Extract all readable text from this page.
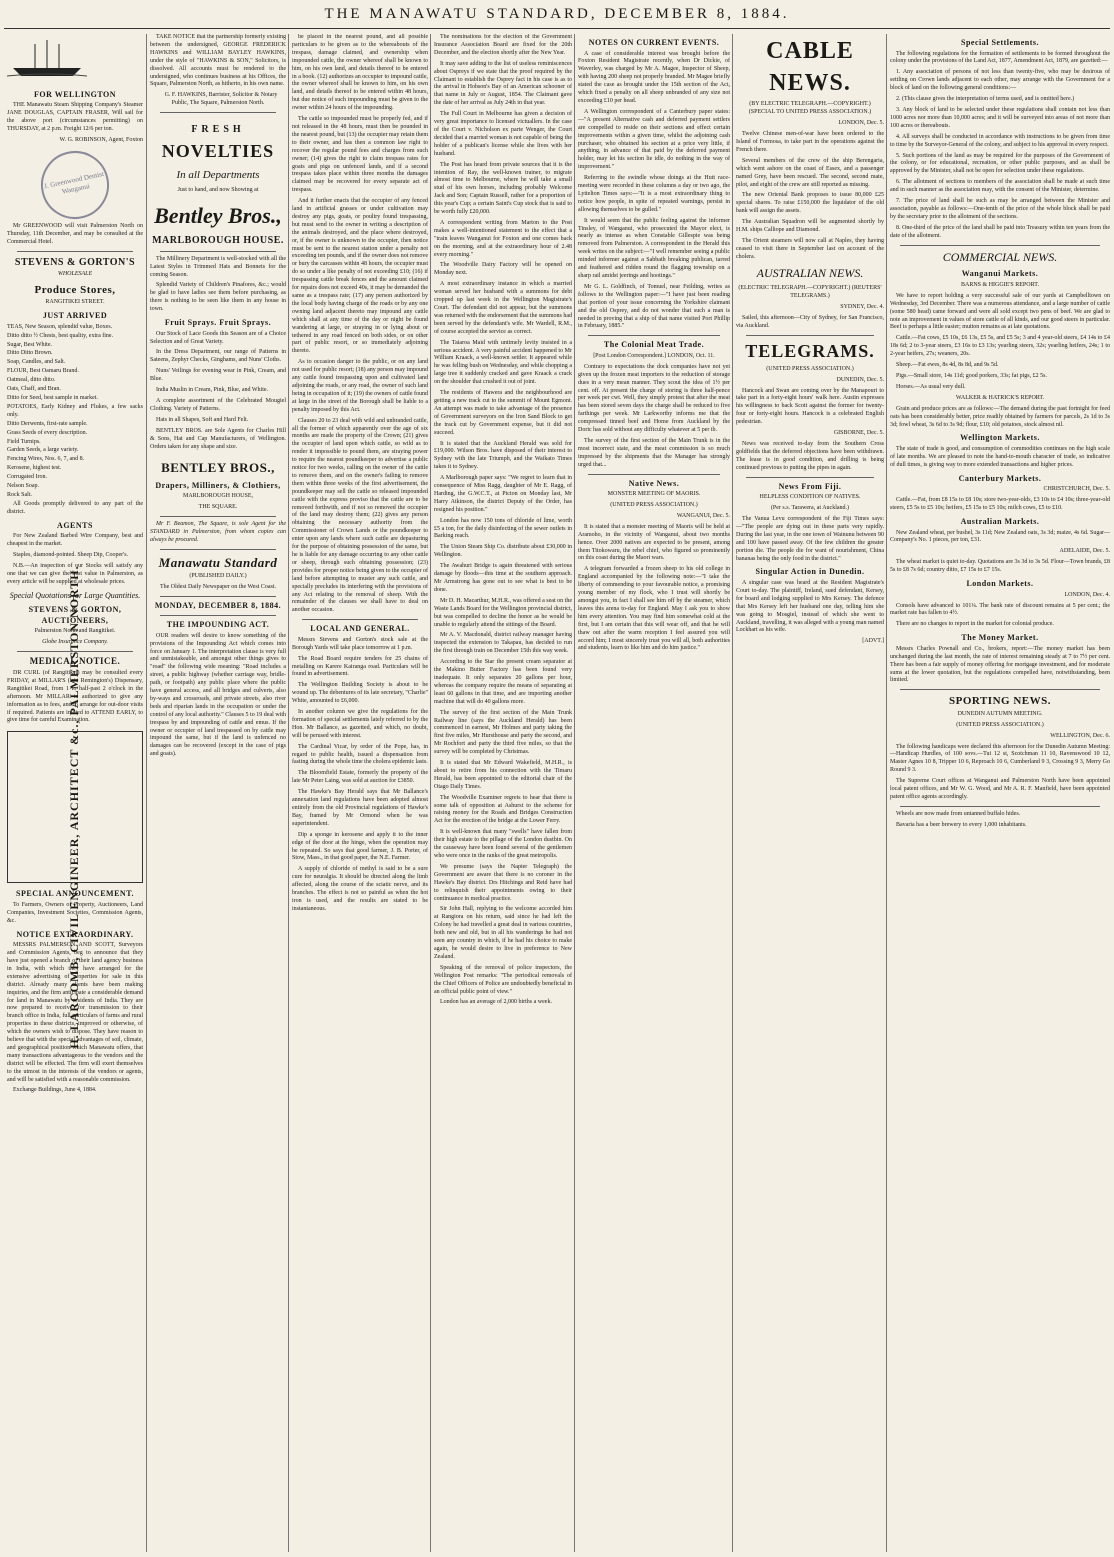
THE MANAWATU STANDARD, DECEMBER 8, 1884.
FOR WELLINGTON

THE Manawatu Steam Shipping Company's Steamer JANE DOUGLAS, CAPTAIN FRASER, Will sail for the above port (circumstances permitting) on THURSDAY, at 2 p.m. Freight 12/6 per ton.

W. G. ROBINSON, Agent, Foxton

J. Greenwood Dentist Wanganui

Mr GREENWOOD will visit Palmerston North on Thursday, 11th December, and may be consulted at the Commercial Hotel.

STEVENS & GORTON'S
WHOLESALE
Produce Stores,
RANGITIKEI STREET.
JUST ARRIVED
TEAS, New Season, splendid value, Boxes.
Ditto ditto ½ Chests, best quality, extra fine.
Sugar, Best White.
Ditto Ditto Brown.
Soap, Candles, and Salt.
FLOUR, Best Oamaru Brand.
Oatmeal, ditto ditto.
Oats, Chaff, and Bran.
Ditto for Seed, best sample in market.
POTATOES, Early Kidney and Flukes, a few sacks only.
Ditto Derwents, first-rate sample.
Grass Seeds of every description.
Field Turnips.
Garden Seeds, a large variety.
Fencing Wires, Nos. 6, 7, and 8.
Kerosene, highest test.
Corrugated Iron.
Nelson Soap.
Rock Salt.

All Goods promptly delivered to any part of the district.

AGENTS

For New Zealand Barbed Wire Company, best and cheapest in the market.

Staples, diamond-pointed. Sheep Dip, Cooper's.

N.B.—An inspection of our Stocks will satisfy any one that we can give the best value in Palmerston, as every article will be supplied at wholesale prices.

Special Quotations for Large Quantities.
STEVENS & GORTON, AUCTIONEERS,
Palmerston North and Rangitikei.
Globe Insurance Company.
MEDICAL NOTICE.

DR CURL (of Rangitikei) may be consulted every FRIDAY, at MILLAR'S (late Remington's) Dispensary, Rangitikei Road, from 1 to half-past 2 o'clock in the afternoon. Mr MILLAR is authorized to give any information as to fees, and to arrange for out-door visits if required. Patients are invited to ATTEND EARLY, to give time for careful Examination.

H. LARCOMB, CIVIL ENGINEER, ARCHITECT &c., PALMERSTON NORTH.
SPECIAL ANNOUNCEMENT.

To Farmers, Owners of Property, Auctioneers, Land Companies, Investment Societies, Commission Agents, &c.

NOTICE EXTRAORDINARY.

MESSRS PALMERSON AND SCOTT, Surveyors and Commission Agents, beg to announce that they have just opened a branch of their land agency business in India, with which they have arranged for the extensive advertising of properties for sale in this district. Already many clients have been making inquiries, and the firm anticipate a considerable demand for land in Manawatu by residents of India. They are now prepared to receive, for transmission to their branch office in India, full particulars of farms and rural properties in these districts, improved or otherwise, of which the owners wish to dispose. They have reason to believe that with the special advantages of soil, climate, and geographical position which Manawatu offers, that many transactions advantageous to the vendors and the district will be effected. The firm will exert themselves to the utmost in the interests of the vendors or agents, and will be satisfied with a reasonable commission.

Exchange Buildings, June 4, 1884.

TAKE NOTICE that the partnership formerly existing between the undersigned, GEORGE FREDERICK HAWKINS and WILLIAM BAYLEY HAWKINS, under the style of "HAWKINS & SON," Solicitors, is dissolved. All accounts must be rendered to the undersigned, who continues business at his Offices, the Square, Palmerston North, as hitherto, in his own name.

G. F. HAWKINS, Barrister, Solicitor & Notary Public, The Square, Palmerston North.

FRESH
NOVELTIES
In all Departments
Just to hand, and now Showing at
Bentley Bros.,
MARLBOROUGH HOUSE.

The Millinery Department is well-stocked with all the Latest Styles in Trimmed Hats and Bonnets for the coming Season.

Splendid Variety of Children's Pinafores, &c.; would be glad to have ladies see them before purchasing, as there is nothing to be seen like them in any house in town.

Fruit Sprays. Fruit Sprays.

Our Stock of Lace Goods this Season are of a Choice Selection and of Great Variety.

In the Dress Department, our range of Patterns in Sateens, Zephyr Checks, Ginghams, and Nuns' Cloths.

Nuns' Veilings for evening wear in Pink, Cream, and Blue.

India Muslin in Cream, Pink, Blue, and White.

A complete assortment of the Celebrated Mougiel Clothing. Variety of Patterns.

Hats in all Shapes, Soft and Hard Felt.

BENTLEY BROS. are Sole Agents for Charles Hill & Sons, Hat and Cap Manufacturers, of Wellington. Orders taken for any shape and size.

BENTLEY BROS.,
Drapers, Milliners, & Clothiers,
MARLBOROUGH HOUSE,
THE SQUARE.

Mr F. Beamon, The Square, is sole Agent for the STANDARD in Palmerston, from whom copies can always be procured.

Manawatu Standard
(PUBLISHED DAILY.)
The Oldest Daily Newspaper on the West Coast.
MONDAY, DECEMBER 8, 1884.
THE IMPOUNDING ACT.

OUR readers will desire to know something of the provisions of the Impounding Act which comes into force on January 1. The interpretation clause is very full and unmistakeable, and amongst other things gives to "road" the following wide meaning: "Road includes a street, a public highway (whether carriage way, bridle-path, or footpath) any public place where the public have general access, and all bridges and culverts, also by-ways and crossroads, and private streets, also river beds and riparian lands in the occupation or under the control of any local authority." Clauses 5 to 19 deal with trespass by and impounding of cattle and emus. If the owner or occupier of land trespassed on by cattle may impound the same, but if the land is unfenced no damages can be recovered (except in the case of pigs and goats).

be placed in the nearest pound, and all possible particulars to be given as to the whereabouts of the trespass, damage claimed, and ownership when impounded cattle, the owner whereof shall be known to him, on his own land, and details thereof to be entered in a book. (12) authorizes an occupier to impound cattle, the owner whereof shall be known to him, on his own land, and details thereof to be entered within 48 hours, but due notice of such impounding must be given to the owner within 24 hours of the impounding.

The cattle so impounded must be properly fed, and if not released in the 48 hours, must then be pounded in the nearest pound, but (13) the occupier may retain them to their owner, and has then a common law right to recover the regular pound fees and charges from such owner; (14) gives the right to claim trespass rates for goats and pigs on unfenced lands, and if a second trespass takes place within three months the damages claimed may be recovered for every separate act of trespass.

And it further enacts that the occupier of any fenced land in artificial grasses or under cultivation may destroy any pigs, goats, or poultry found trespassing, but must send to the owner in writing a description of the animals destroyed, and the place where destroyed, or, if the owner is unknown to the occupier, then notice must be sent to the nearest station under a penalty not exceeding ten pounds, and if the owner does not remove or bury the carcasses within 48 hours, the occupier must do so under a like penalty of not exceeding £10; (16) if trespassing cattle break fences and the amount claimed for repairs does not exceed 40s, it may be demanded the same as a trespass rate; (17) any person authorized by the local body having charge of the roads or by any one owning land adjacent thereto may impound any cattle which shall at any time of the day or night be found wandering at large, or straying in or lying about or tethered in any road fenced on both sides, or on other part of public resort, or so immediately adjoining thereto.

As to occasion danger to the public, or on any land not used for public resort; (18) any person may impound any cattle found trespassing upon and cultivated land adjoining the roads, or any road, the owner of such land being in occupation of it; (19) the owners of cattle found at large in the street of the Borough shall be liable to a penalty imposed by this Act.

Clauses 20 to 23 deal with wild and unbranded cattle, all the former of which apparently over the age of six months are made the property of the Crown; (21) gives the occupier of land upon which cattle, so wild as to render it impossible to pound them, are straying power to require the nearest poundkeeper to advertise a public notice for two weeks, calling on the owner of the cattle to remove them, and on the owner's failing to remove them within three weeks of the first advertisement, the poundkeeper may sell the cattle so released impounded cattle with the express proviso that the cattle are to be removed forthwith, and if not so removed the occupier of the land may destroy them; (22) gives any person obtaining the necessary authority from the Commissioner of Crown Lands or the poundkeeper to enter upon any lands where such cattle are depasturing for the purpose of obtaining possession of the same, but he is liable for any damage occurring to any other cattle or sheep, through such obtaining possession; (23) provides for proper notice being given to the occupier of land before attempting to muster any such cattle, and specially precludes its interfering with the provisions of any Act relating to the removal of sheep. With the remainder of the clauses we shall have to deal on another occasion.

LOCAL AND GENERAL.

Messrs Stevens and Gorton's stock sale at the Borough Yards will take place tomorrow at 1 p.m.

The Road Board require tenders for 25 chains of metalling on Karere Kairanga road. Particulars will be found in advertisement.

The Wellington Building Society is about to be wound up. The debentures of its late secretary, "Charlie" White, amounted to £6,000.

In another column we give the regulations for the formation of special settlements lately referred to by the Hon. Mr Ballance, as gazetted, and which, no doubt, will be perused with interest.

The Cardinal Vicar, by order of the Pope, has, in regard to public health, issued a dispensation from fasting during the whole time the cholera epidemic lasts.

The Bloomfield Estate, formerly the property of the late Mr Peter Laing, was sold at auction for £3850.

The Hawke's Bay Herald says that Mr Ballance's annexation land regulations have been adopted almost entirely from the old Provincial regulations of Hawke's Bay, framed by Mr Ormond when he was superintendent.

Dip a sponge in kerosene and apply it to the inner edge of the door at the hinge, when the operation may be repeated. So says that good farmer, J. B. Porter, of Stow, Mass., in that good paper, the N.E. Farmer.

A supply of chloride of methyl is said to be a sure cure for neuralgia. It should be directed along the limb affected, along the course of the sciatic nerve, and its branches. The effect is not so painful as when the hot iron is used, and the results are stated to be instantaneous.

The nominations for the election of the Government Insurance Association Board are fixed for the 20th December, and the election shortly after the New Year.

It may save adding to the list of useless reminiscences about Ospreys if we state that the proof required by the Claimant to establish the Osprey fact in his case is as to the arrival in Hobson's Bay of an American schooner of that name in July or August, 1854. The Claimant gave the date of her arrival as July 24th in that year.

The Full Court in Melbourne has given a decision of very great importance to licensed victuallers. In the case of the Court v. Nicholson ex parte Wenger, the Court decided that a married woman is not capable of being the holder of a publican's license while she lives with her husband.

The Post has heard from private sources that it is the intention of Ray, the well-known trainer, to migrate almost time to Melbourne, where he will take a small stud of his own horses, including probably Welcome Jack and Son; Captain Russell, rather for a proportion of this year's Cup; a certain Saint's Cup stock that is said to be worth fully £20,000.

A correspondent writing from Marton to the Post makes a well-intentioned statement to the effect that a "train leaves Wanganui for Foxton and one comes back on the morning, and at the extraordinary hour of 2.48 every morning."

The Woodville Dairy Factory will be opened on Monday next.

A most extraordinary instance in which a married woman served her husband with a summons for debt cropped up last week in the Wellington Magistrate's Court. The defendant did not appear, but the summons was returned with the endorsement that the summons had been served by the defendant's wife. Mr Wardell, R.M., of course accepted the service as correct.

The Taiaroa Maid with untimely levity insisted in a serious accident. A very painful accident happened to Mr William Kraack, a well-known settler. It appeared while he was felling bush on Wednesday, and while chopping a large tree it suddenly cracked and gave Kraack a crack on the shoulder that crushed it out of joint.

The residents of Hawera and the neighbourhood are getting a new track cut to the summit of Mount Egmont. An attempt was made to take advantage of the presence of Government surveyors on the Iron Sand Block to get the track cut by Government expense, but it did not succeed.

It is stated that the Auckland Herald was sold for £19,000. Wilson Bros. have disposed of their interest to Sydney with the late Triumph, and the Waikato Times takes it to Sydney.

A Marlborough paper says: "We regret to learn that in consequence of Miss Ragg, daughter of Mr E. Ragg, of Harding, the G.W.C.T., at Picton on Monday last, Mr Harry Atkinson, the district Deputy of the Order, has resigned his position."

London has now 150 tons of chloride of lime, worth £5 a ton, for the daily disinfecting of the sewer outlets in Barking reach.

The Union Steam Ship Co. distribute about £30,000 in Wellington.

The Awahuri Bridge is again threatened with serious damage by floods—this time at the southern approach. Mr Armstrong has gone out to see what is best to be done.

Mr D. H. Macarthur, M.H.R., was offered a seat on the Waste Lands Board for the Wellington provincial district, but was compelled to decline the honor as he would be unable to regularly attend the sittings of the Board.

Mr A. V. Macdonald, district railway manager having inspected the extension to Takapau, has decided to run the first through train on December 15th this way week.

According to the Star the present cream separator at the Makino Butter Factory has been found very inadequate. It only separates 20 gallons per hour, whereas the company require the means of separating at least 60 gallons in that time, and are importing another machine that will do 40 gallons more.

The survey of the first section of the Main Trunk Railway line (says the Auckland Herald) has been commenced in earnest, Mr Holmes and party taking the first five miles, Mr Hursthouse and party the second, and Mr Rochfort and party the third five miles, so that the survey will be completed by Christmas.

It is stated that Mr Edward Wakefield, M.H.R., is about to retire from his connection with the Timaru Herald, has been appointed to the editorial chair of the Otago Daily Times.

The Woodville Examiner regrets to hear that there is some talk of opposition at Ashurst to the scheme for raising money for the Roads and Bridges Construction Act for the erection of the bridge at the Lower Ferry.

It is well-known that many "swells" have fallen from their high estate to the pillage of the London dustbin. On the causeway have been found several of the gentlemen who were once in the ranks of the great metropolis.

We presume (says the Napier Telegraph) the Government are aware that there is no coroner in the Hawke's Bay district. Drs Hitchings and Reid have had to relinquish their appointments owing to their continuance in medical practice.

Sir John Hall, replying to the welcome accorded him at Rangiora on his return, said since he had left the Colony he had travelled a great deal in various countries, both new and old, but in all his wanderings he had not seen any country in which, if he had his choice to make again, he would desire to live in preference to New Zealand.

Speaking of the removal of police inspectors, the Wellington Post remarks: "The periodical removals of the Chief Officers of Police are undoubtedly beneficial in an official public point of view."

London has an average of 2,000 births a week.

NOTES ON CURRENT EVENTS.

A case of considerable interest was brought before the Foxton Resident Magistrate recently, when Dr Dickie, of Waverley, was charged by Mr A. Magee, Inspector of Sheep, with having 200 sheep not properly branded. Mr Magee briefly stated the case as brought under the 15th section of the Act, which fixed a penalty on all sheep unbranded of any size not exceeding £10 per head.

A Wellington correspondent of a Canterbury paper states:—"A present Alternative cash and deferred payment settlers are compelled to reside on their sections and effect certain improvements within a given time, whilst the adjoining cash purchaser, who obtained his section at a price very little, if anything, in advance of that paid by the deferred payment holder, may let his section lie idle, do nothing in the way of improvement."

Referring to the swindle whose doings at the Hutt race-meeting were recorded in these columns a day or two ago, the Lyttelton Times says:—"It is a most extraordinary thing to notice how people, in spite of repeated warnings, persist in allowing themselves to be gulled."

It would seem that the public feeling against the informer Tinsley, of Wanganui, who prosecuted the Mayor elect, is nearly as intense as when Constable Gillespie was being removed from Palmerston. A correspondent in the Herald this week writes on the subject:—"I well remember seeing a public minded informer against a Sabbath breaking publican, tarred and feathered and ridden round the flagging township on a sharp rail amidst jeerings and hootings."

Mr G. L. Goldfinch, of Tomuel, near Feilding, writes as follows to the Wellington paper:—"I have just been reading that portion of your issue concerning the Yorkshire claimant and the old Osprey, and do not wonder that such a man is needed in proving that a ship of that name visited Port Phillip in February, 1885."

The Colonial Meat Trade.
[Post London Correspondent.] LONDON, Oct. 11.

Contrary to expectations the dock companies have not yet given up the frozen meat importers to the reduction of storage dues in a very mean manner. They scout the idea of 1½ per cent. off. At present the charge of storing is three half-pence per week per cwt. Well, they simply protest that after the meat has been stored seven days the charge shall be reduced to five farthings per week. Mr Larkworthy informs me that the compressed tinned beef and Home from Auckland by the Doric has sold without any difficulty whatever at 5 per ib.

The survey of the first section of the Main Trunk is in the most incorrect state, and the meat commission is so much impressed by the shipments that the Manager has strongly urged that...

Native News.
MONSTER MEETING OF MAORIS.
(UNITED PRESS ASSOCIATION.)
WANGANUI, Dec. 5.

It is stated that a monster meeting of Maoris will be held at Aramoho, in the vicinity of Wanganui, about two months hence. Over 2000 natives are expected to be present, among them Titokowaru, the rebel chief, who figured so prominently on this coast during the Maori wars.

A telegram forwarded a frozen sheep to his old college in England accompanied by the following note:—"I take the liberty of commending to your favourable notice, a promising young member of my flock, who I trust will shortly be amongst you, in fact I shall see him off by the steamer, which leaves this arena to-day for England. May I ask you to show him every attention. You may find him somewhat cold at the first, but I am certain that this will wear off, and that he will thaw out after the warm reception I feel assured you will accord him; I most sincerely trust you will all, both authorities and students, learn to like him and do him justice."

CABLE NEWS.
(BY ELECTRIC TELEGRAPH.—COPYRIGHT.) (SPECIAL TO UNITED PRESS ASSOCIATION.)
LONDON, Dec. 5.

Twelve Chinese men-of-war have been ordered to the Island of Formosa, to take part in the operations against the French there.

Several members of the crew of the ship Berengaria, which went ashore on the coast of Essex, and a passenger named Grey, have been rescued. The second, second mate, pilot, and eight of the crew are still reported as missing.

The new Oriental Bank proposes to issue 80,000 £25 special shares. To raise £150,000 the liquidator of the old bank will assign the assets.

The Australian Squadron will be augmented shortly by H.M. ships Calliope and Diamond.

The Orient steamers will now call at Naples, they having ceased to visit there in September last on account of the cholera.

AUSTRALIAN NEWS.
(ELECTRIC TELEGRAPH.—COPYRIGHT.) (REUTERS' TELEGRAMS.)
SYDNEY, Dec. 4.

Sailed, this afternoon—City of Sydney, for San Francisco, via Auckland.

TELEGRAMS.
(UNITED PRESS ASSOCIATION.)
DUNEDIN, Dec. 5.

Hancock and Swan are coming over by the Manapouri to take part in a forty-eight hours' walk here. Austin expresses his willingness to back Scott against the former for twenty-four or forty-eight hours. Hancock is a celebrated English pedestrian.

GISBORNE, Dec. 5.

News was received to-day from the Southern Cross goldfields that the deferred objections have been withdrawn. The lease is in good condition, and drilling is being continued previous to putting the pipes in again.

News From Fiji.
HELPLESS CONDITION OF NATIVES.
(Per s.s. Tarawera, at Auckland.)

The Vanua Levu correspondent of the Fiji Times says:—"The people are dying out in these parts very rapidly. During the last year, in the one town of Wainunu between 90 and 100 have passed away. Of the few children the greater portion die. The people die for want of nourishment, China bananas being the only food in the district."

Singular Action in Dunedin.

A singular case was heard at the Resident Magistrate's Court to-day. The plaintiff, Ireland, sued defendant, Kersey, for board and lodging supplied to Mrs Kersey. The defence that Mrs Kersey left her husband one day, telling him she was going to Mosgiel, instead of which she went to Auckland, travelling, it was alleged with a young man named Lockhart as his wife.

[ADVT.]
Special Settlements.

The following regulations for the formation of settlements to be formed throughout the colony under the provisions of the Land Act, 1877, Amendment Act, 1879, are gazetted:—

1. Any association of persons of not less than twenty-five, who may be desirous of settling on Crown lands adjacent to each other, may arrange with the Government for a block of land on the following general conditions:—

2. (This clause gives the interpretation of terms used, and is omitted here.)

3. Any block of land to be selected under these regulations shall contain not less than 1000 acres nor more than 10,000 acres; and it will be surveyed into areas of not more than 100 acres or thereabouts.

4. All surveys shall be conducted in accordance with instructions to be given from time to time by the Surveyor-General of the colony, and subject to his approval in every respect.

5. Such portions of the land as may be required for the purposes of the Government of the colony, or for educational, recreation, or other public purposes, and as shall be approved by the Minister, shall not be open for selection under these regulations.

6. The allotment of sections to members of the association shall be made at such time and in such manner as the association may, with the consent of the Minister, determine.

7. The price of land shall be such as may be arranged between the Minister and association, payable as follows:—One-tenth of the price of the whole block shall be paid by the secretary prior to the allotment of the sections.

8. One-third of the price of the land shall be paid into Treasury within ten years from the date of the allotment.

COMMERCIAL NEWS.
Wanganui Markets.
BARNS & HIGGIE'S REPORT.

We have to report holding a very successful sale of our yards at Campbelltown on Wednesday, 3rd December. There was a numerous attendance, and a large number of cattle (some 580 head) came forward and were all sold except two pens of beef. We are glad to note an improvement in values of store cattle of all kinds, and our good steers in particular. Beef is perhaps a little easier; mutton remains as at late quotations.

Cattle.—Fat cows, £5 10s, £6 13s, £5 5s, and £5 5s; 3 and 4 year-old steers, £4 14s to £4 18s 6d; 2 to 3-year steers, £3 16s to £3 13s; yearling steers, 32s; yearling heifers, 24s; 1 to 2-year heifers, 27s; weaners, 20s.

Sheep.—Fat ewes, 8s 4d, 8s 8d, and 9s 5d.

Pigs.—Small store, 14s 11d; good porkers, 33s; fat pigs, £2 5s.

Horses.—As usual very dull.

WALKER & HATRICK'S REPORT.

Grain and produce prices are as follows:—The demand during the past fortnight for feed oats has been considerably better, price readily obtained by farmers for parcels, 2s 1d to 3s 3d; fowl wheat, 3s 6d to 3s 9d; flour, £10; old potatoes, stock almost nil.

Wellington Markets.

The state of trade is good, and consumption of commodities continues on the high scale of late months. We are pleased to note the hand-to-mouth character of trade, so indicative of dull times, is giving way to more extended transactions and higher prices.

Canterbury Markets.
CHRISTCHURCH, Dec. 5.

Cattle.—Fat, from £8 15s to £8 10s; store two-year-olds, £3 10s to £4 10s; three-year-old steers, £5 5s to £5 10s; heifers, £5 15s to £5 10s; milch cows, £5 to £10.

Australian Markets.

New Zealand wheat, per bushel, 3s 11d; New Zealand oats, 3s 3d; maize, 4s 6d. Sugar—Company's No. 1 pieces, per ton, £31.

ADELAIDE, Dec. 5.

The wheat market is quiet to-day. Quotations are 3s 3d to 3s 5d. Flour—Town brands, £8 5s to £8 7s 6d; country ditto, £7 15s to £7 15s.

London Markets.
LONDON, Dec. 4.

Consols have advanced to 101¼. The bank rate of discount remains at 5 per cent.; the market rate has fallen to 4½.

There are no changes to report in the market for colonial produce.

The Money Market.

Messrs Charles Pownall and Co., brokers, report:—The money market has been unchanged during the last month, the rate of interest remaining steady at 7 to 7½ per cent. There has been a fair supply of money offering for mortgage investment, and for moderate sums at the lower quotation, but the regulations compelled have, notwithstanding, been limited.

SPORTING NEWS.
DUNEDIN AUTUMN MEETING.
(UNITED PRESS ASSOCIATION.)
WELLINGTON, Dec. 6.

The following handicaps were declared this afternoon for the Dunedin Autumn Meeting:—Handicap Hurdles, of 100 sovs.—Tui 12 st, Scotchman 11 10, Ravenswood 10 12, Master Agnes 10 8, Tripper 10 6, Reproach 10 6, Cumberland 9 3, Crossing 9 3, Merry Go Round 9 3.

The Supreme Court offices at Wanganui and Palmerston North have been appointed local patent offices, and Mr W. G. Wood, and Mr A. R. F. Manfield, have been appointed patent office agents accordingly.

Wheels are now made from untanned buffalo hides.

Bavaria has a beer brewery to every 1,000 inhabitants.
